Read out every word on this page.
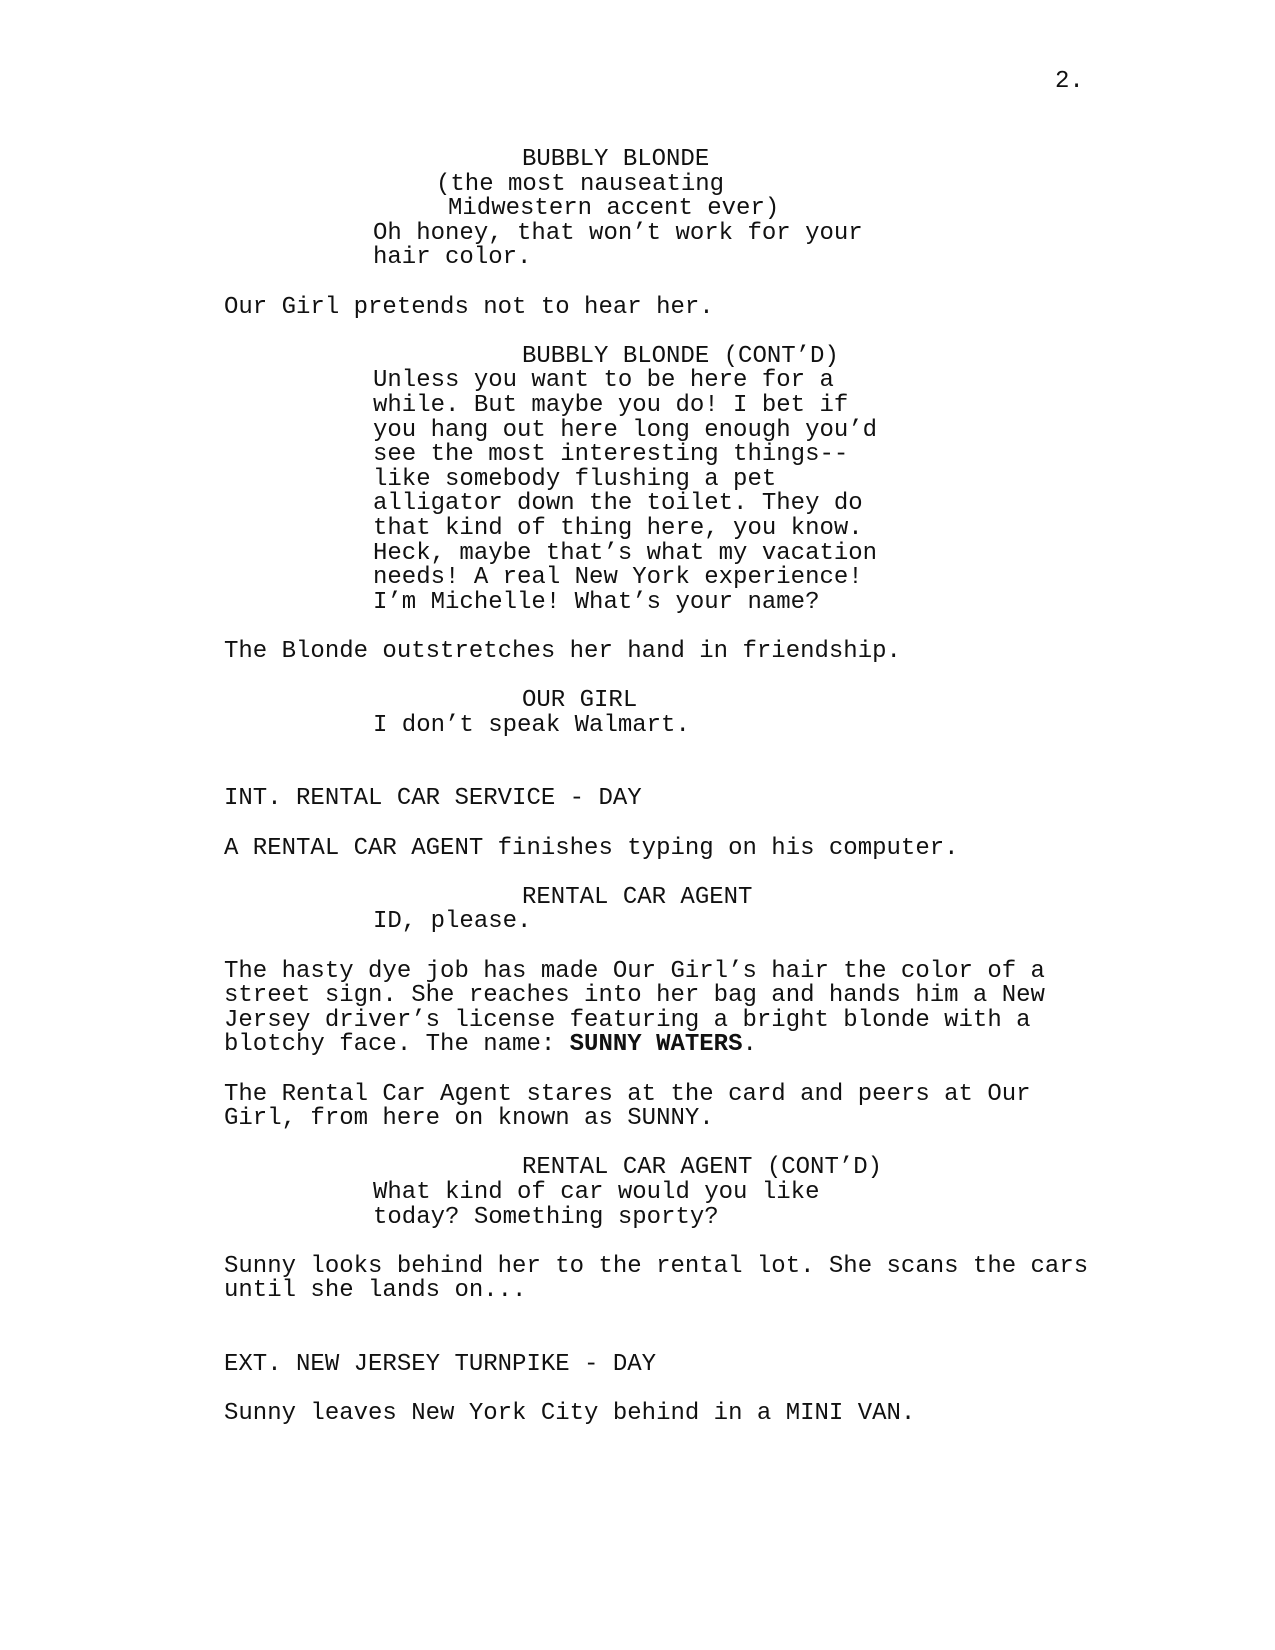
2.
BUBBLY BLONDE
(the most nauseating
Midwestern accent ever)
Oh honey, that won’t work for your
hair color.
Our Girl pretends not to hear her.
BUBBLY BLONDE (CONT’D)
Unless you want to be here for a
while. But maybe you do! I bet if
you hang out here long enough you’d
see the most interesting things--
like somebody flushing a pet
alligator down the toilet. They do
that kind of thing here, you know.
Heck, maybe that’s what my vacation
needs! A real New York experience!
I’m Michelle! What’s your name?
The Blonde outstretches her hand in friendship.
OUR GIRL
I don’t speak Walmart.
INT. RENTAL CAR SERVICE - DAY
A RENTAL CAR AGENT finishes typing on his computer.
RENTAL CAR AGENT
ID, please.
The hasty dye job has made Our Girl’s hair the color of a
street sign. She reaches into her bag and hands him a New
Jersey driver’s license featuring a bright blonde with a
blotchy face. The name: SUNNY WATERS.
The Rental Car Agent stares at the card and peers at Our
Girl, from here on known as SUNNY.
RENTAL CAR AGENT (CONT’D)
What kind of car would you like
today? Something sporty?
Sunny looks behind her to the rental lot. She scans the cars
until she lands on...
EXT. NEW JERSEY TURNPIKE - DAY
Sunny leaves New York City behind in a MINI VAN.
